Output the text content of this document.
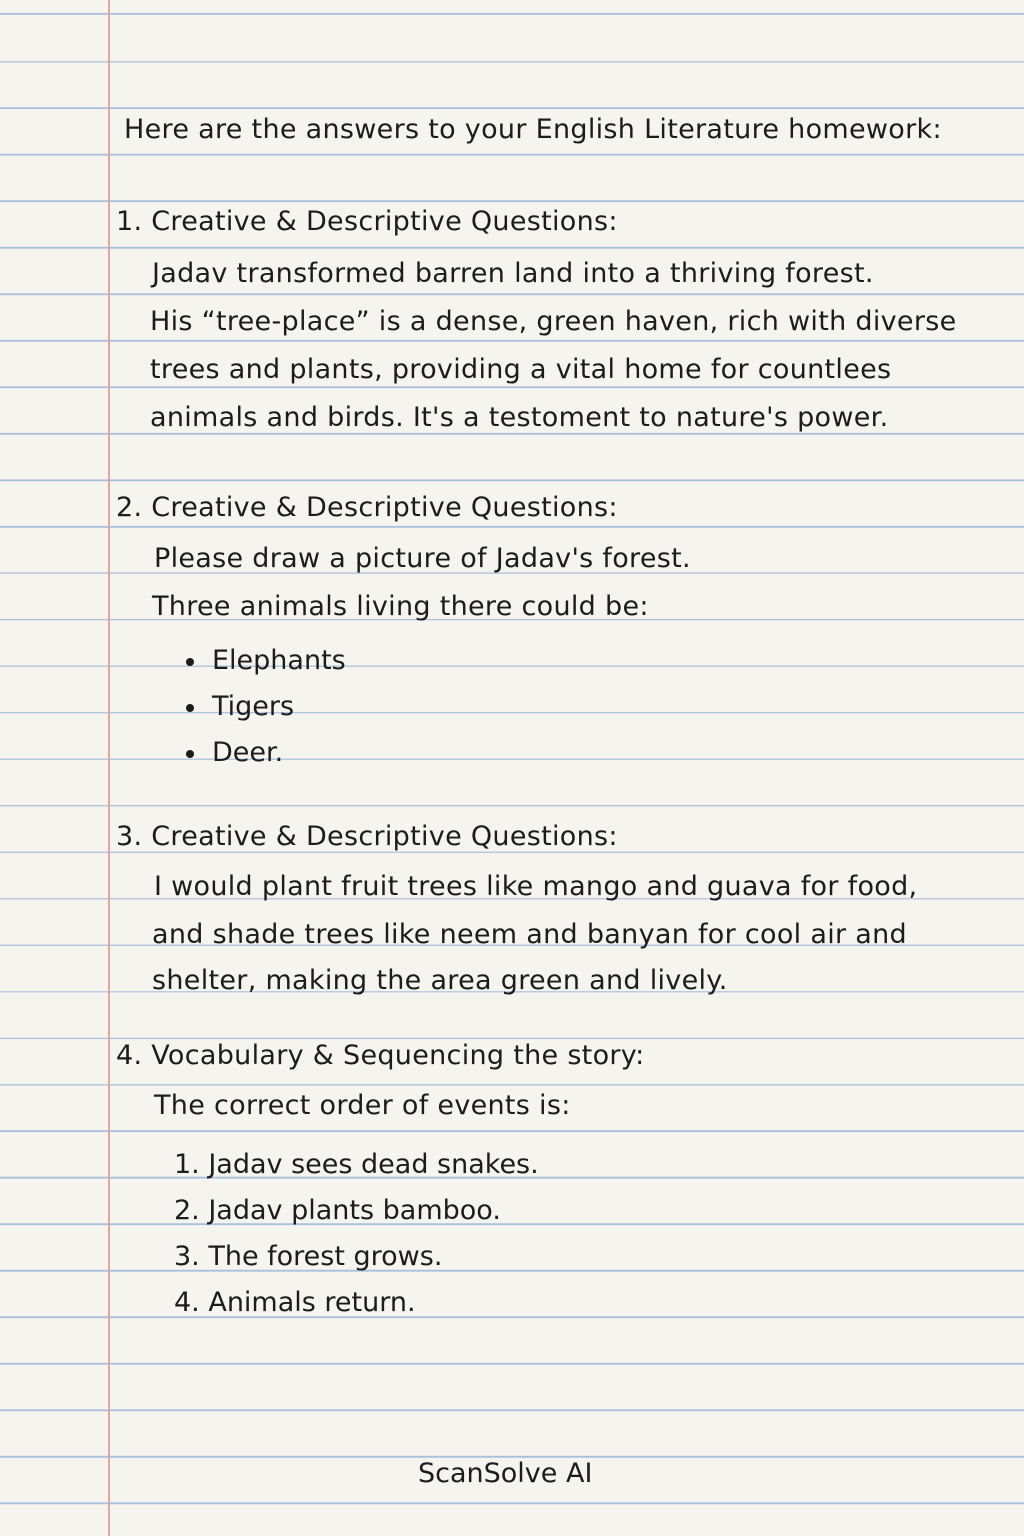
Here are the answers to your English Literature homework:
1. Creative & Descriptive Questions:
Jadav transformed barren land into a thriving forest.
His “tree-place” is a dense, green haven, rich with diverse
trees and plants, providing a vital home for countlees
animals and birds. It's a testoment to nature's power.
2. Creative & Descriptive Questions:
Please draw a picture of Jadav's forest.
Three animals living there could be:
Elephants
Tigers
Deer.
3. Creative & Descriptive Questions:
I would plant fruit trees like mango and guava for food,
and shade trees like neem and banyan for cool air and
shelter, making the area green and lively.
4. Vocabulary & Sequencing the story:
The correct order of events is:
1. Jadav sees dead snakes.
2. Jadav plants bamboo.
3. The forest grows.
4. Animals return.
ScanSolve AI
